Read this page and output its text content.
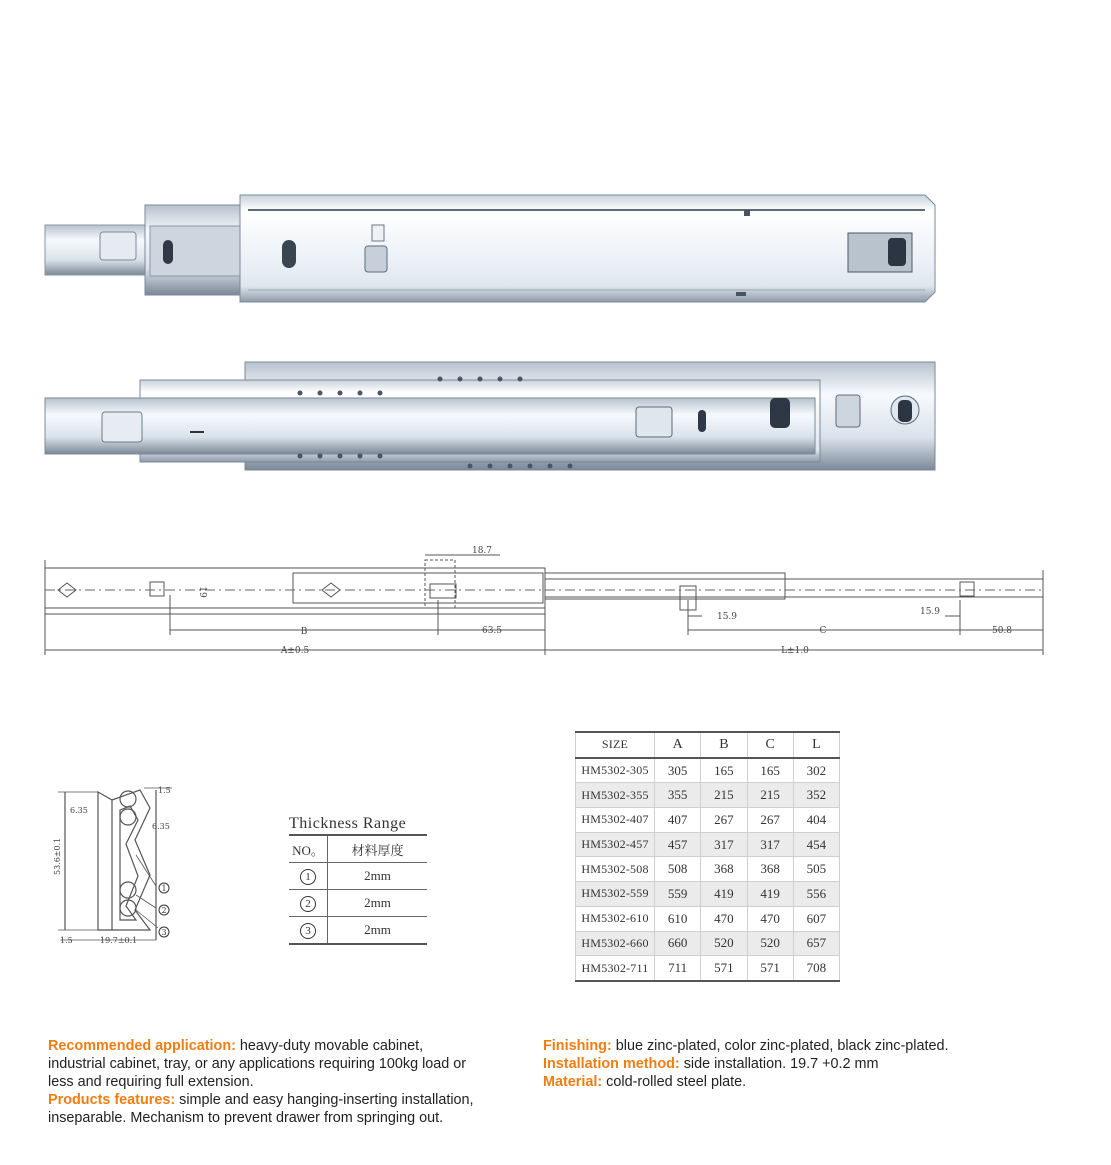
18.7
19
15.9	15.9
B	63.5	C	50.8
A±0.5	L±1.0
1.5
6.35
6.35
53.6±0.1
1.5	19.7±0.1
1
2
3
Thickness Range
NO。	材料厚度
1	2mm
2	2mm
3	2mm
SIZE	A	B	C	L
HM5302-305	305	165	165	302
HM5302-355	355	215	215	352
HM5302-407	407	267	267	404
HM5302-457	457	317	317	454
HM5302-508	508	368	368	505
HM5302-559	559	419	419	556
HM5302-610	610	470	470	607
HM5302-660	660	520	520	657
HM5302-711	711	571	571	708
Recommended application: heavy-duty movable cabinet, industrial cabinet, tray, or any applications requiring 100kg load or less and requiring full extension.
Products features: simple and easy hanging-inserting installation, inseparable. Mechanism to prevent drawer from springing out.
Finishing: blue zinc-plated, color zinc-plated, black zinc-plated.
Installation method: side installation. 19.7 +0.2 mm
Material: cold-rolled steel plate.
